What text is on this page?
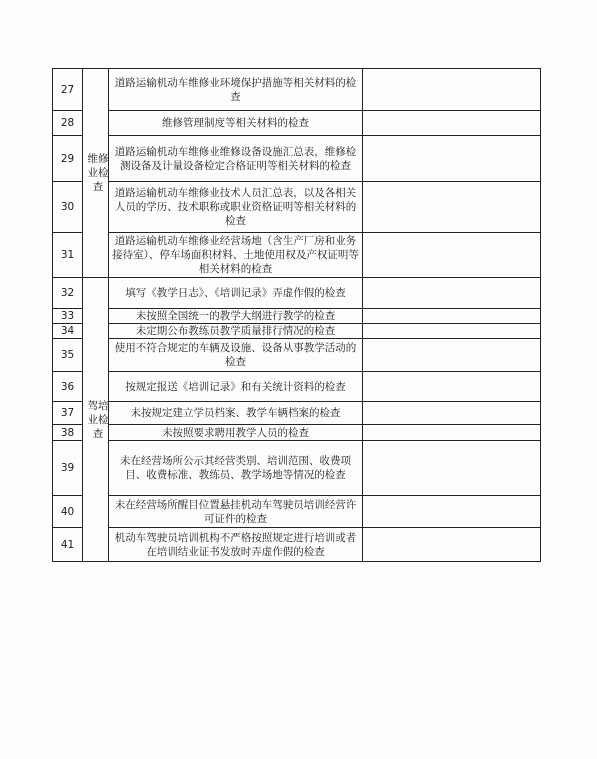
27	维修业检查	道路运输机动车维修业环境保护措施等相关材料的检查	
28		维修管理制度等相关材料的检查	
29		道路运输机动车维修业维修设备设施汇总表，维修检测设备及计量设备检定合格证明等相关材料的检查	
30		道路运输机动车维修业技术人员汇总表，以及各相关人员的学历、技术职称或职业资格证明等相关材料的检查	
31		道路运输机动车维修业经营场地（含生产厂房和业务接待室）、停车场面积材料、土地使用权及产权证明等相关材料的检查	
32	驾培业检查	填写《教学日志》、《培训记录》弄虚作假的检查	
33		未按照全国统一的教学大纲进行教学的检查	
34		未定期公布教练员教学质量排行情况的检查	
35		使用不符合规定的车辆及设施、设备从事教学活动的检查	
36		按规定报送《培训记录》和有关统计资料的检查	
37		未按规定建立学员档案、教学车辆档案的检查	
38		未按照要求聘用教学人员的检查	
39		未在经营场所公示其经营类别、培训范围、收费项目、收费标准、教练员、教学场地等情况的检查	
40		未在经营场所醒目位置悬挂机动车驾驶员培训经营许可证件的检查	
41		机动车驾驶员培训机构不严格按照规定进行培训或者在培训结业证书发放时弄虚作假的检查	
